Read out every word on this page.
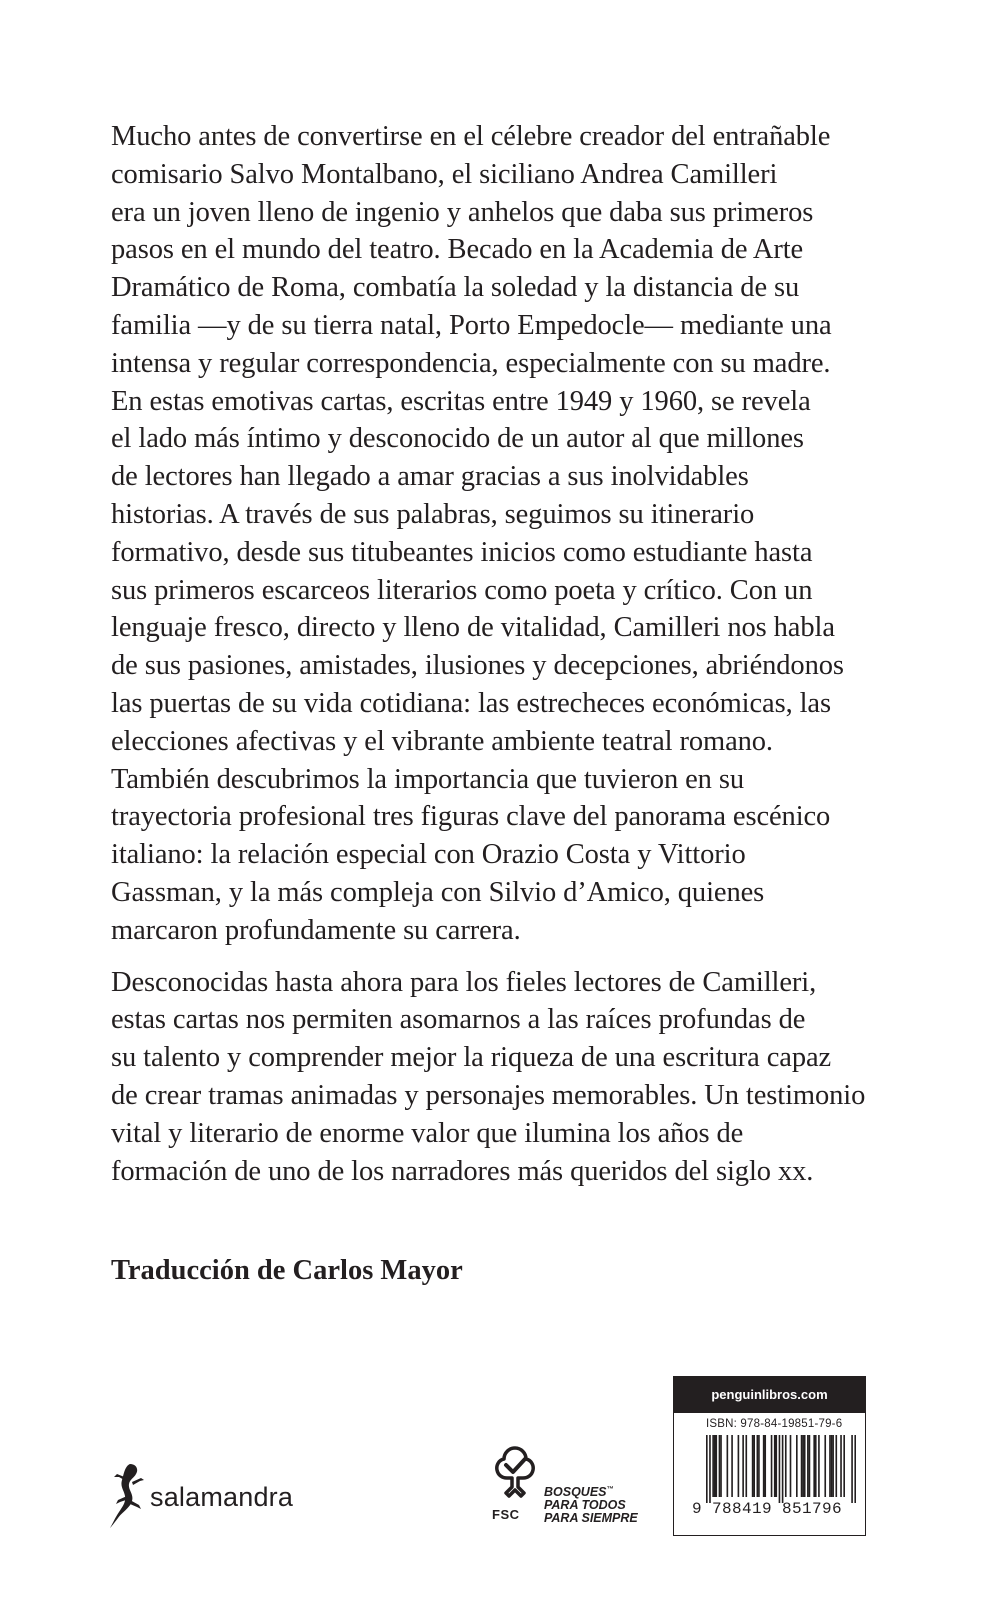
Mucho antes de convertirse en el célebre creador del entrañable
comisario Salvo Montalbano, el siciliano Andrea Camilleri
era un joven lleno de ingenio y anhelos que daba sus primeros
pasos en el mundo del teatro. Becado en la Academia de Arte
Dramático de Roma, combatía la soledad y la distancia de su
familia —y de su tierra natal, Porto Empedocle— mediante una
intensa y regular correspondencia, especialmente con su madre.
En estas emotivas cartas, escritas entre 1949 y 1960, se revela
el lado más íntimo y desconocido de un autor al que millones
de lectores han llegado a amar gracias a sus inolvidables
historias. A través de sus palabras, seguimos su itinerario
formativo, desde sus titubeantes inicios como estudiante hasta
sus primeros escarceos literarios como poeta y crítico. Con un
lenguaje fresco, directo y lleno de vitalidad, Camilleri nos habla
de sus pasiones, amistades, ilusiones y decepciones, abriéndonos
las puertas de su vida cotidiana: las estrecheces económicas, las
elecciones afectivas y el vibrante ambiente teatral romano.
También descubrimos la importancia que tuvieron en su
trayectoria profesional tres figuras clave del panorama escénico
italiano: la relación especial con Orazio Costa y Vittorio
Gassman, y la más compleja con Silvio d’Amico, quienes
marcaron profundamente su carrera.
Desconocidas hasta ahora para los fieles lectores de Camilleri,
estas cartas nos permiten asomarnos a las raíces profundas de
su talento y comprender mejor la riqueza de una escritura capaz
de crear tramas animadas y personajes memorables. Un testimonio
vital y literario de enorme valor que ilumina los años de
formación de uno de los narradores más queridos del siglo xx.
Traducción de Carlos Mayor
salamandra
FSC
BOSQUES™
PARA TODOS
PARA SIEMPRE
penguinlibros.com
ISBN: 978-84-19851-79-6
9 788419 851796
